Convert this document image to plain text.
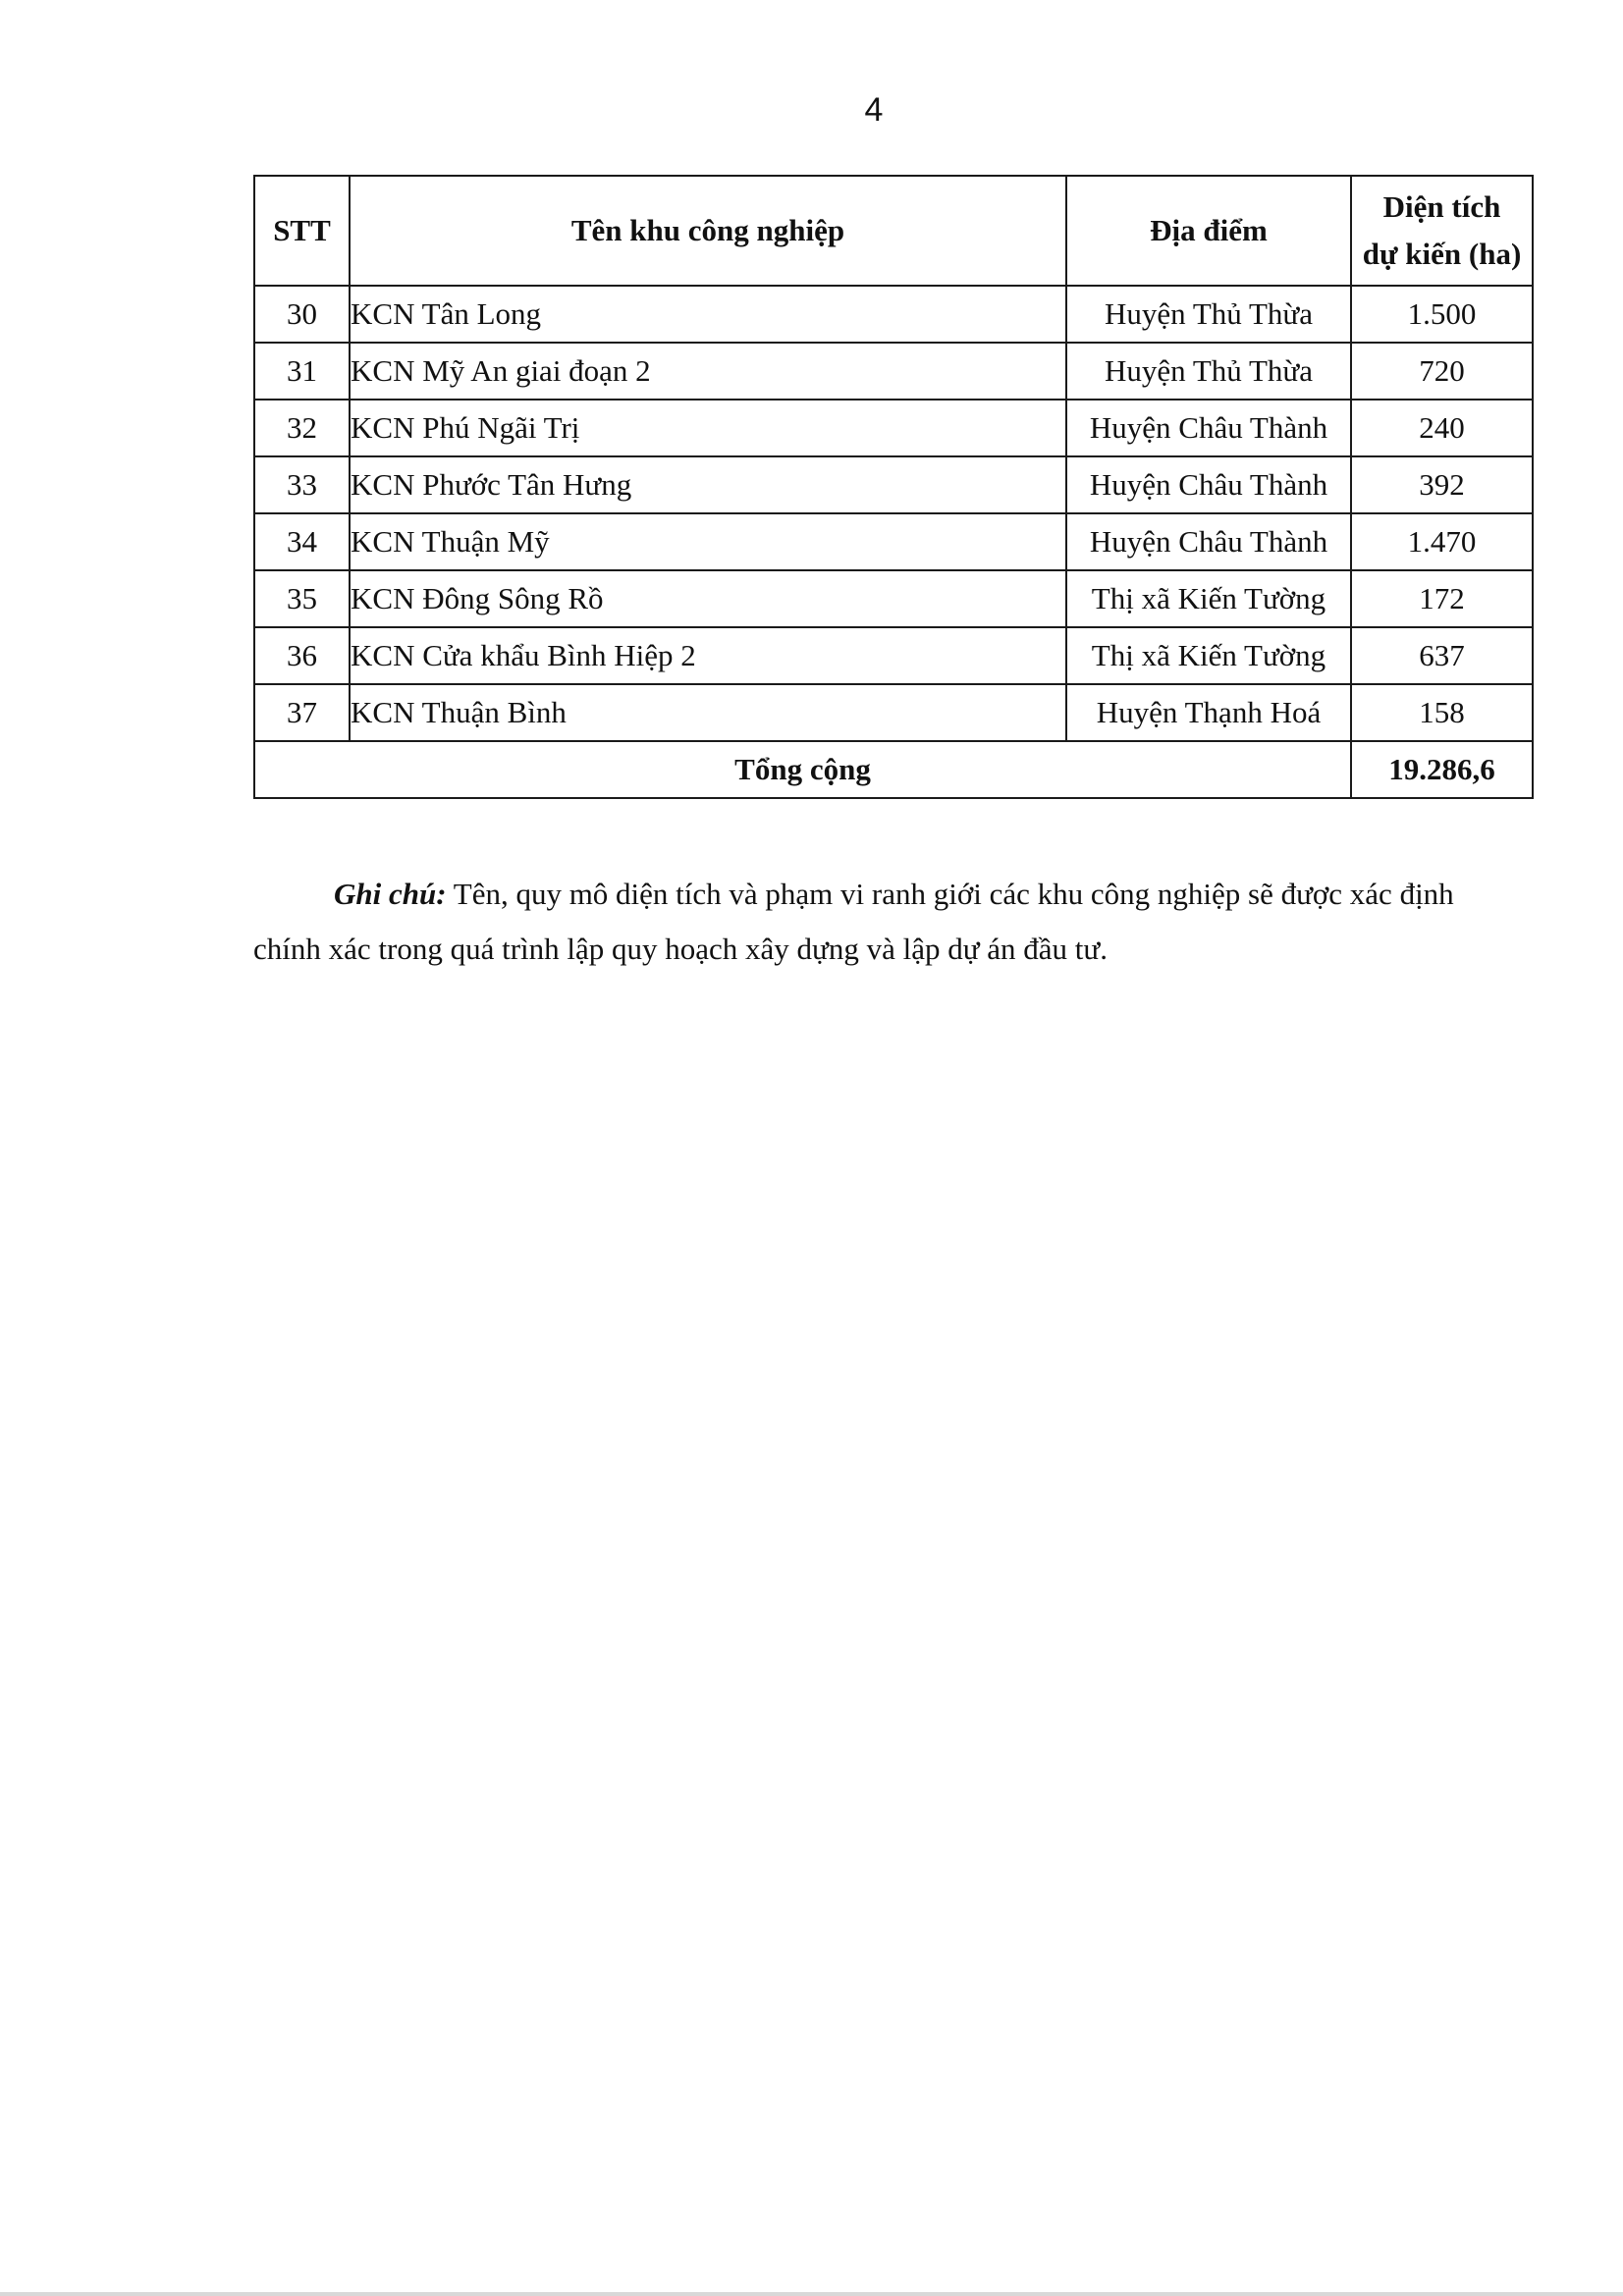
4
STT	Tên khu công nghiệp	Địa điểm	Diện tích
dự kiến (ha)
30	KCN Tân Long	Huyện Thủ Thừa	1.500
31	KCN Mỹ An giai đoạn 2	Huyện Thủ Thừa	720
32	KCN Phú Ngãi Trị	Huyện Châu Thành	240
33	KCN Phước Tân Hưng	Huyện Châu Thành	392
34	KCN Thuận Mỹ	Huyện Châu Thành	1.470
35	KCN Đông Sông Rồ	Thị xã Kiến Tường	172
36	KCN Cửa khẩu Bình Hiệp 2	Thị xã Kiến Tường	637
37	KCN Thuận Bình	Huyện Thạnh Hoá	158
Tổng cộng			19.286,6

Ghi chú: Tên, quy mô diện tích và phạm vi ranh giới các khu công nghiệp sẽ được xác định chính xác trong quá trình lập quy hoạch xây dựng và lập dự án đầu tư.
